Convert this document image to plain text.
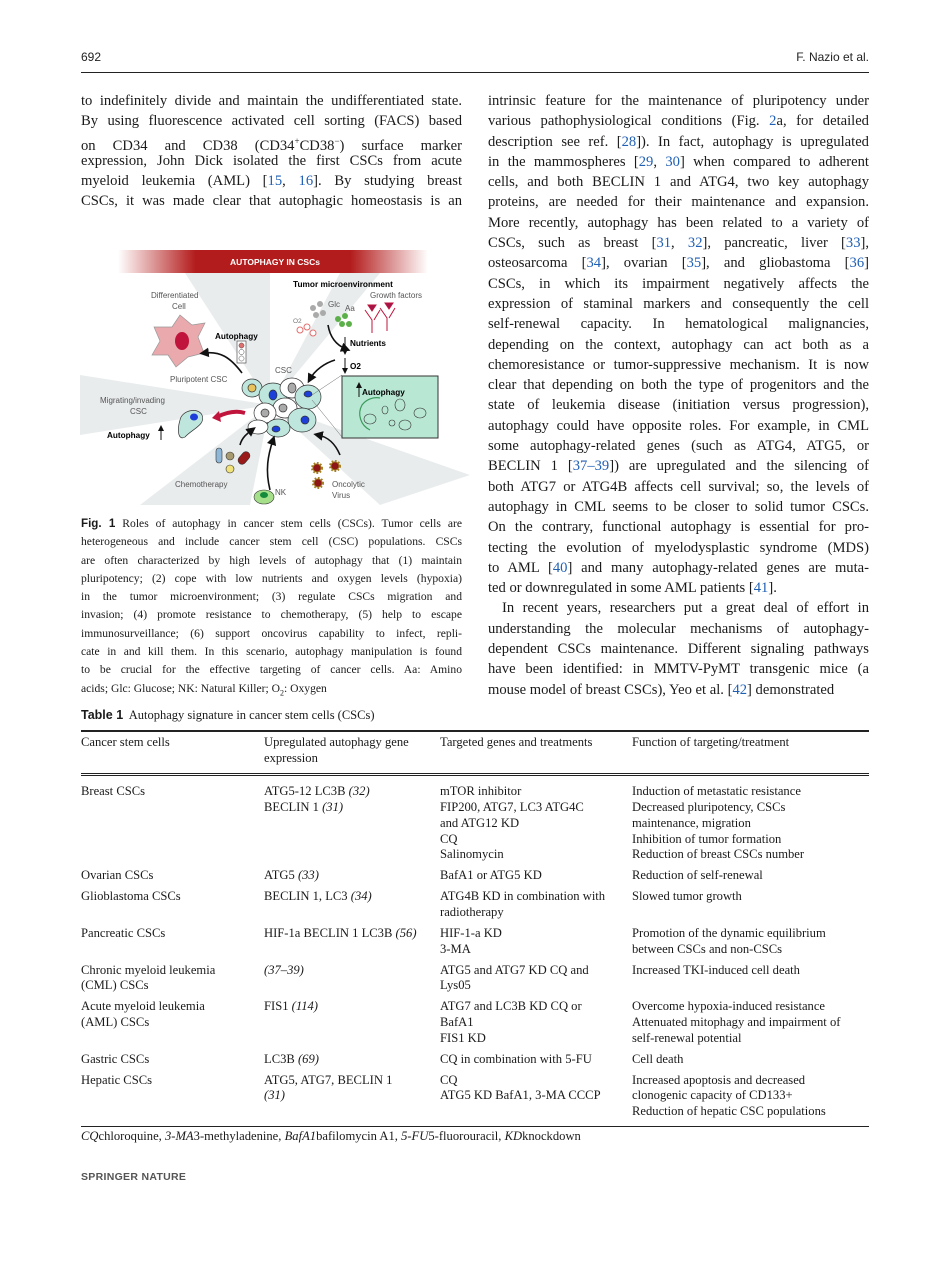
692	F. Nazio et al.
to indefinitely divide and maintain the undifferentiated state.
By using fluorescence activated cell sorting (FACS) based
on CD34 and CD38 (CD34+CD38−) surface marker
expression, John Dick isolated the first CSCs from acute
myeloid leukemia (AML) [15, 16]. By studying breast
CSCs, it was made clear that autophagic homeostasis is an
intrinsic feature for the maintenance of pluripotency under
various pathophysiological conditions (Fig. 2a, for detailed
description see ref. [28]). In fact, autophagy is upregulated
in the mammospheres [29, 30] when compared to adherent
cells, and both BECLIN 1 and ATG4, two key autophagy
proteins, are needed for their maintenance and expansion.
More recently, autophagy has been related to a variety of
CSCs, such as breast [31, 32], pancreatic, liver [33],
osteosarcoma [34], ovarian [35], and gliobastoma [36]
CSCs, in which its impairment negatively affects the
expression of staminal markers and consequently the cell
self-renewal capacity. In hematological malignancies,
depending on the context, autophagy can act both as a
chemoresistance or tumor-suppressive mechanism. It is now
clear that depending on both the type of progenitors and the
state of leukemia disease (initiation versus progression),
autophagy could have opposite roles. For example, in CML
some autophagy-related genes (such as ATG4, ATG5, or
BECLIN 1 [37–39]) are upregulated and the silencing of
both ATG7 or ATG4B affects cell survival; so, the levels of
autophagy in CML seems to be closer to solid tumor CSCs.
On the contrary, functional autophagy is essential for pro-
tecting the evolution of myelodysplastic syndrome (MDS)
to AML [40] and many autophagy-related genes are muta-
ted or downregulated in some AML patients [41].
In recent years, researchers put a great deal of effort in
understanding the molecular mechanisms of autophagy-
dependent CSCs maintenance. Different signaling pathways
have been identified: in MMTV-PyMT transgenic mice (a
mouse model of breast CSCs), Yeo et al. [42] demonstrated
AUTOPHAGY IN CSCs
Tumor microenvironment
Differentiated
Cell
Autophagy
Pluripotent CSC
CSC
Glc Aa
O2
Growth factors
Nutrients
O2
Autophagy
Migrating/invading
CSC
Autophagy
Chemotherapy
NK
Oncolytic
Virus
Fig. 1 Roles of autophagy in cancer stem cells (CSCs). Tumor cells are
heterogeneous and include cancer stem cell (CSC) populations. CSCs
are often characterized by high levels of autophagy that (1) maintain
pluripotency; (2) cope with low nutrients and oxygen levels (hypoxia)
in the tumor microenvironment; (3) regulate CSCs migration and
invasion; (4) promote resistance to chemotherapy, (5) help to escape
immunosurveillance; (6) support oncovirus capability to infect, repli-
cate in and kill them. In this scenario, autophagy manipulation is found
to be crucial for the effective targeting of cancer cells. Aa: Amino
acids; Glc: Glucose; NK: Natural Killer; $O_2$: Oxygen
Table 1 Autophagy signature in cancer stem cells (CSCs)
Cancer stem cells	Upregulated autophagy gene
expression	Targeted genes and treatments	Function of targeting/treatment

Breast CSCs	ATG5-12 LC3B (32)
BECLIN 1 (31)	mTOR inhibitor
FIP200, ATG7, LC3 ATG4C
and ATG12 KD
CQ
Salinomycin	Induction of metastatic resistance
Decreased pluripotency, CSCs
maintenance, migration
Inhibition of tumor formation
Reduction of breast CSCs number

Ovarian CSCs	ATG5 (33)	BafA1 or ATG5 KD	Reduction of self-renewal

Glioblastoma CSCs	BECLIN 1, LC3 (34)	ATG4B KD in combination with
radiotherapy	Slowed tumor growth

Pancreatic CSCs	HIF-1a BECLIN 1 LC3B (56)	HIF-1-a KD
3-MA	Promotion of the dynamic equilibrium
between CSCs and non-CSCs

Chronic myeloid leukemia
(CML) CSCs	(37–39)	ATG5 and ATG7 KD CQ and
Lys05	Increased TKI-induced cell death

Acute myeloid leukemia
(AML) CSCs	FIS1 (114)	ATG7 and LC3B KD CQ or
BafA1
FIS1 KD	Overcome hypoxia-induced resistance
Attenuated mitophagy and impairment of
self-renewal potential

Gastric CSCs	LC3B (69)	CQ in combination with 5-FU	Cell death

Hepatic CSCs	ATG5, ATG7, BECLIN 1
(31)	CQ
ATG5 KD BafA1, 3-MA CCCP	Increased apoptosis and decreased
clonogenic capacity of CD133+
Reduction of hepatic CSC populations
CQchloroquine, 3-MA3-methyladenine, BafA1bafilomycin A1, 5-FU5-fluorouracil, KDknockdown
SPRINGER NATURE
